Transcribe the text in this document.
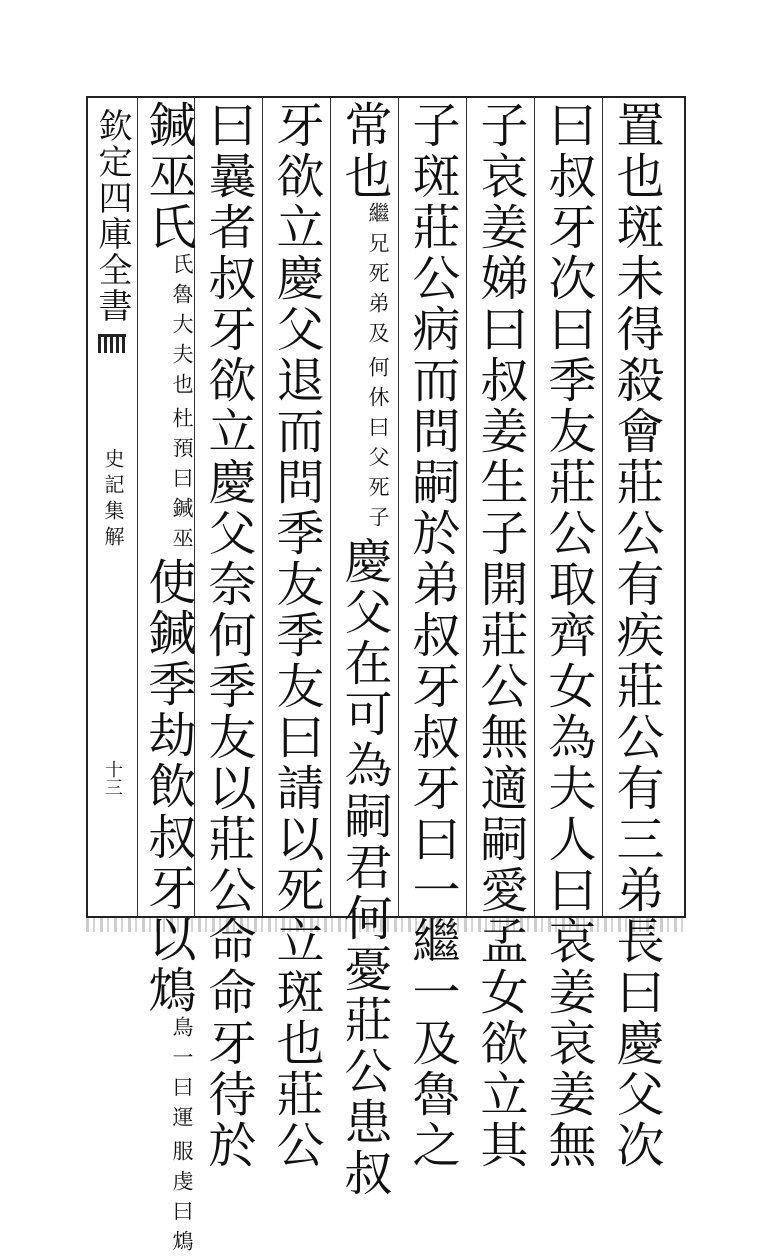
欽定四庫全書
史記集解
十三	置也斑未得殺會莊公有疾莊公有三弟長曰慶父次
曰叔牙次曰季友莊公取齊女為夫人曰哀姜哀姜無
子哀姜娣曰叔姜生子開莊公無適嗣愛孟女欲立其
子斑莊公病而問嗣於弟叔牙叔牙曰一繼一及魯之
常也
繼兄死弟及
何休曰父死子
慶父在可為嗣君何憂莊公患叔
牙欲立慶父退而問季友季友曰請以死立斑也莊公
曰曩者叔牙欲立慶父奈何季友以莊公命命牙待於
鍼巫氏
氏魯大夫也
杜預曰鍼巫
使鍼季劫飲叔牙以鴆
鳥一曰運
服虔曰鴆
